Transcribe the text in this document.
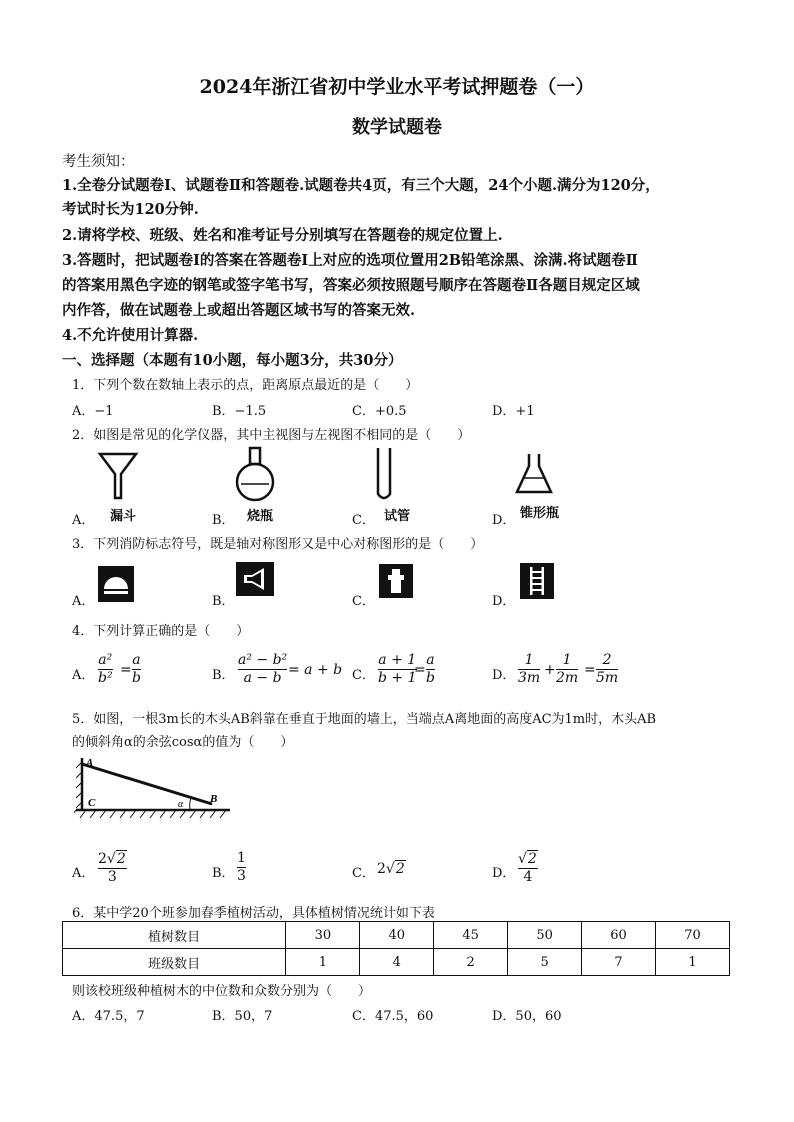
2024年浙江省初中学业水平考试押题卷（一）
数学试题卷
考生须知：
1.全卷分试题卷Ⅰ、试题卷Ⅱ和答题卷.试题卷共4页，有三个大题，24个小题.满分为120分，
考试时长为120分钟.
2.请将学校、班级、姓名和准考证号分别填写在答题卷的规定位置上.
3.答题时，把试题卷Ⅰ的答案在答题卷Ⅰ上对应的选项位置用2B铅笔涂黑、涂满.将试题卷Ⅱ
的答案用黑色字迹的钢笔或签字笔书写，答案必须按照题号顺序在答题卷Ⅱ各题目规定区域
内作答，做在试题卷上或超出答题区域书写的答案无效.
4.不允许使用计算器.
一、选择题（本题有10小题，每小题3分，共30分）
1．下列个数在数轴上表示的点，距离原点最近的是（　　）
A．−1	B．−1.5	C．+0.5	D．+1
2．如图是常见的化学仪器，其中主视图与左视图不相同的是（　　）
A． 漏斗	B． 烧瓶	C． 试管	D． 锥形瓶
3．下列消防标志符号，既是轴对称图形又是中心对称图形的是（　　）
A．	B．	C．	D．
4．下列计算正确的是（　　）
A． $\frac{\text{a²}}{\text{b²}} = \frac{a}{b}$	B． $\frac{\text{a² − b²}}{a - b} = a + b$ C． $\frac{a + 1}{b + 1}$
= $\frac{a}{b}$	D． $\frac{1}{3m} + \frac{1}{2m} = \frac{2}{5m}$
5．如图，一根3m长的木头AB斜靠在垂直于地面的墙上，当端点A离地面的高度AC为1m时，木头AB
的倾斜角α的余弦cosα的值为（　　）
A
C	B
α
A． $\frac{2√2}{3}$	B． $\frac{1}{3}$	C． 2√2	D． $\frac{√2}{4}$
6．某中学20个班参加春季植树活动，具体植树情况统计如下表
植树数目	30	40	45	50	60	70
班级数目	1	4	2	5	7	1
则该校班级种植树木的中位数和众数分别为（　　）
A．47.5，7	B．50，7	C．47.5，60	D．50，60
